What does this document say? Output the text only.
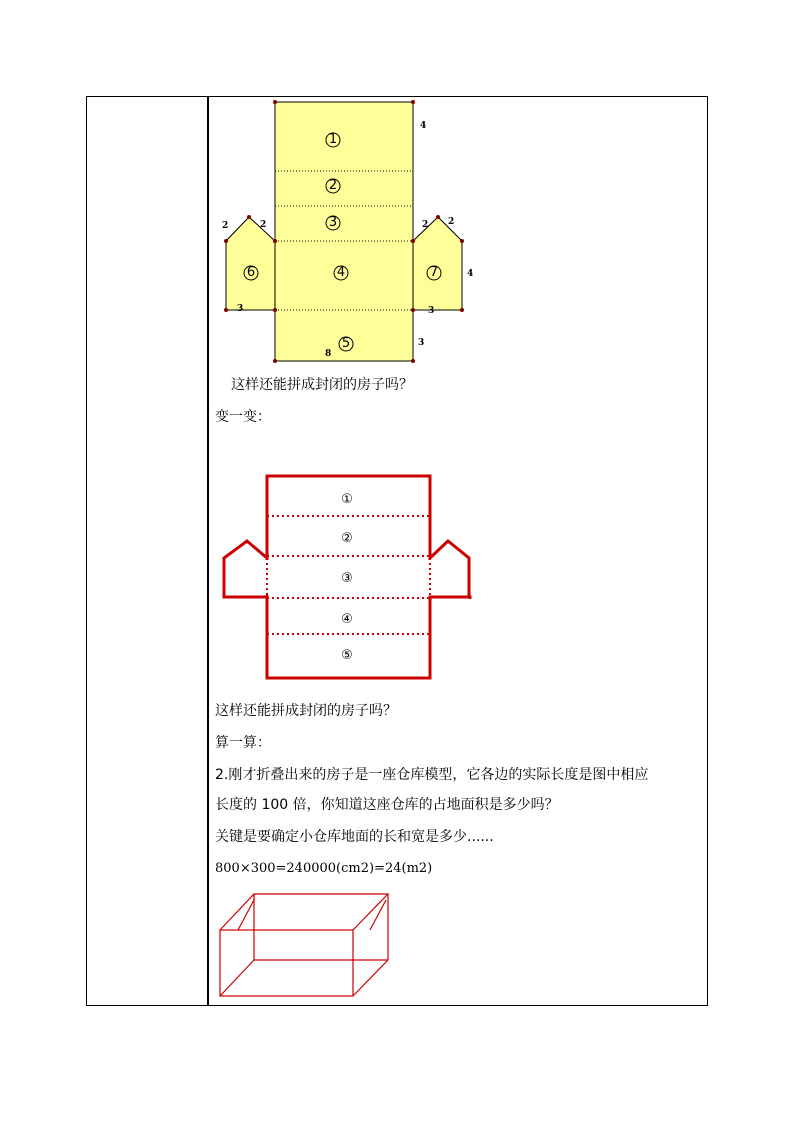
1
2
3
4
5
6	7
4
2	2	2 2
4
3	3
3
8
这样还能拼成封闭的房子吗？
变一变：
①
②
③
④
⑤
这样还能拼成封闭的房子吗？
算一算：
2.刚才折叠出来的房子是一座仓库模型，它各边的实际长度是图中相应
长度的 100 倍，你知道这座仓库的占地面积是多少吗？
关键是要确定小仓库地面的长和宽是多少......
800×300=240000(cm2)=24(m2)
